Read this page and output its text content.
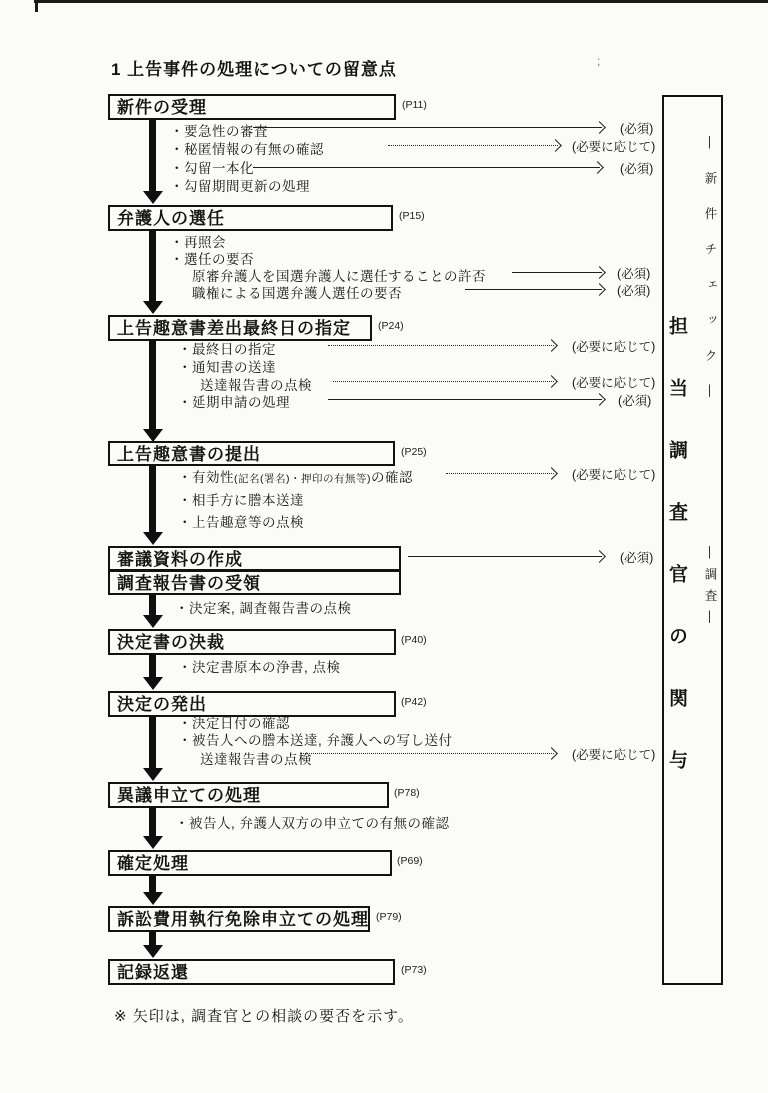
1 上告事件の処理についての留意点	;
新件の受理	(P11)
弁護人の選任	(P15)
上告趣意書差出最終日の指定	(P24)
上告趣意書の提出	(P25)
審議資料の作成
調査報告書の受領
決定書の決裁	(P40)
決定の発出	(P42)
異議申立ての処理	(P78)
確定処理	(P69)
訴訟費用執行免除申立ての処理 (P79)
記録返還	(P73)
・要急性の審査
・秘匿情報の有無の確認
・勾留一本化
・勾留期間更新の処理
・再照会
・選任の要否
原審弁護人を国選弁護人に選任することの許否
職権による国選弁護人選任の要否
・最終日の指定
・通知書の送達
送達報告書の点検
・延期申請の処理
・有効性(記名(署名)・押印の有無等)の確認
・相手方に謄本送達
・上告趣意等の点検
・決定案, 調査報告書の点検
・決定書原本の浄書, 点検
・決定日付の確認
・被告人への謄本送達, 弁護人への写し送付
送達報告書の点検
・被告人, 弁護人双方の申立ての有無の確認
(必須)
(必要に応じて)
(必須)
(必須)
(必須)
(必要に応じて)
(必要に応じて)
(必須)
(必要に応じて)
(必須)
(必要に応じて) 担当調査官の関与
―新件チェック―
―調査―
※ 矢印は, 調査官との相談の要否を示す。
